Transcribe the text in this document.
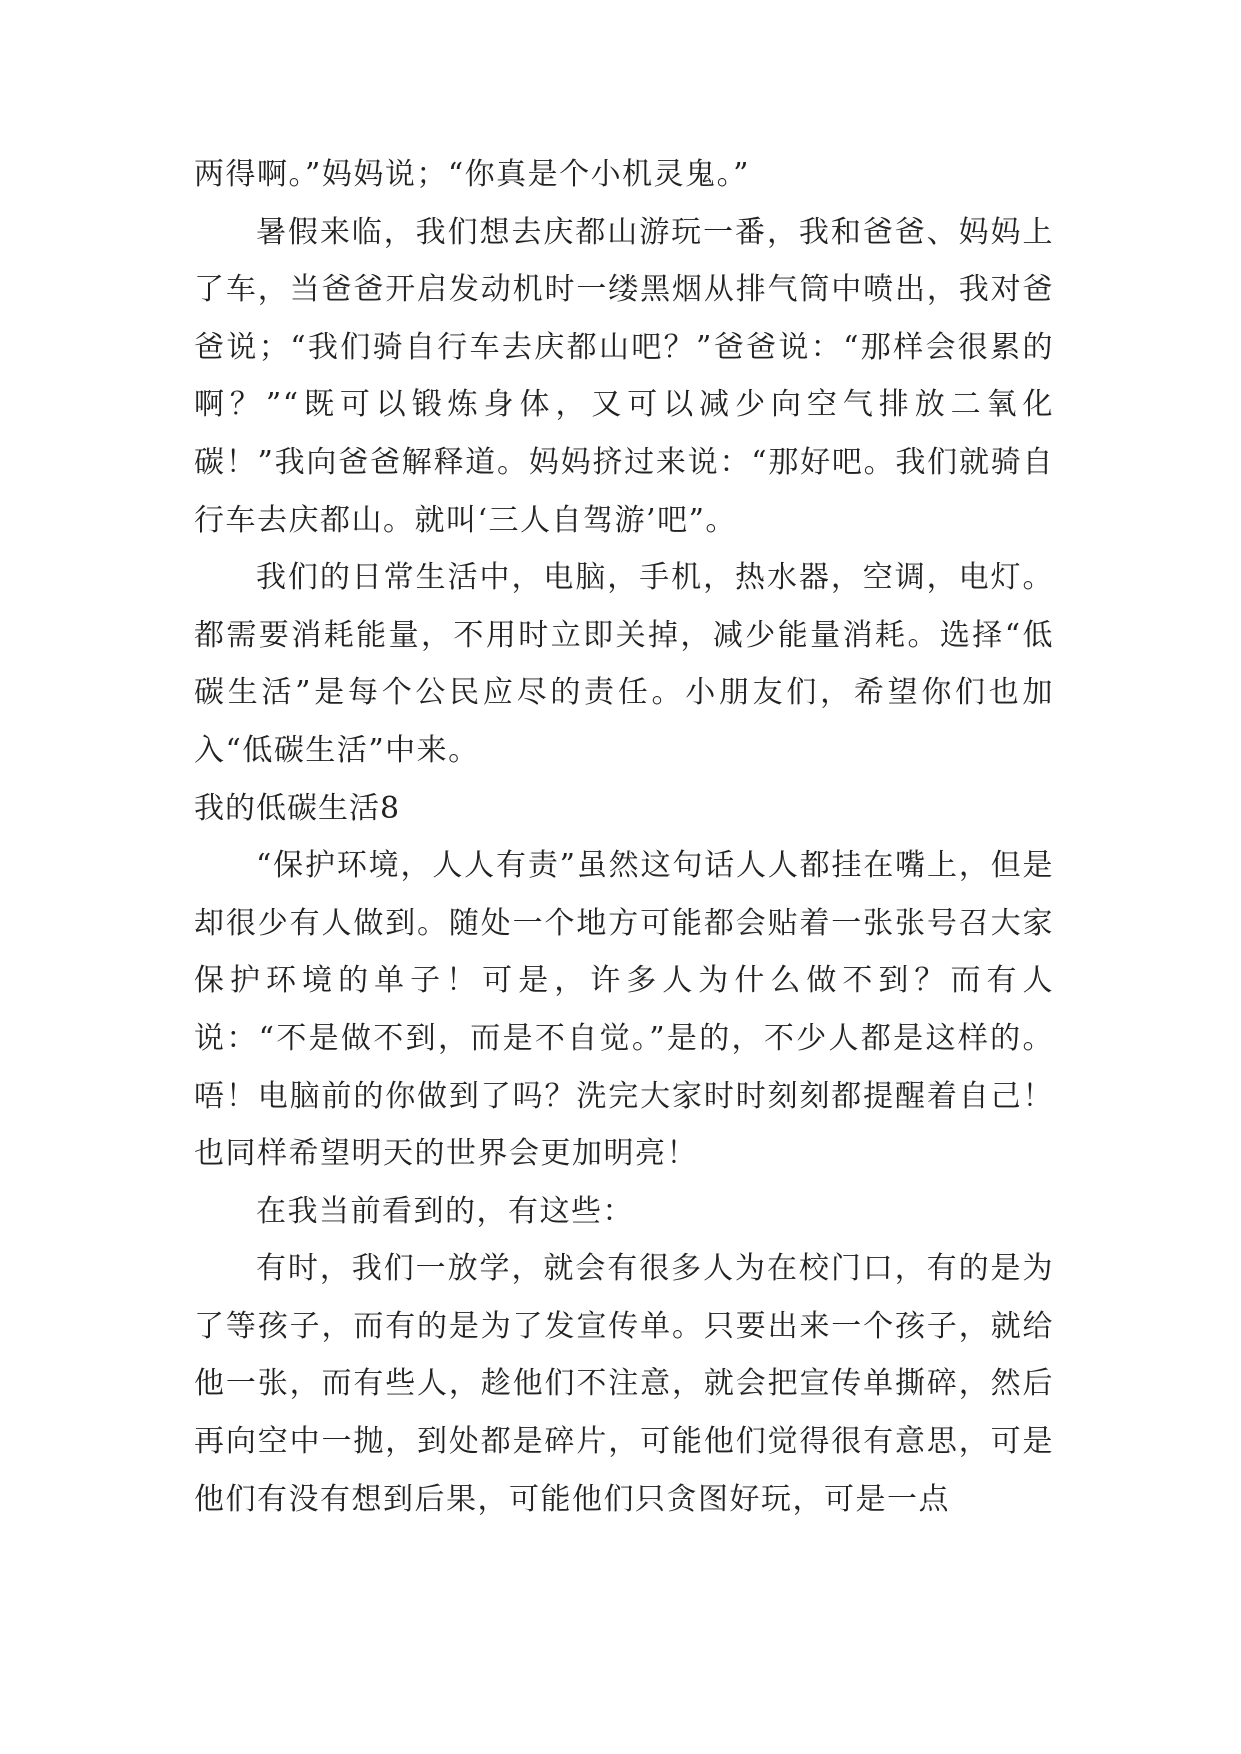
两得啊。”妈妈说；“你真是个小机灵鬼。”

暑假来临，我们想去庆都山游玩一番，我和爸爸、妈妈上了车，当爸爸开启发动机时一缕黑烟从排气筒中喷出，我对爸爸说；“我们骑自行车去庆都山吧？”爸爸说：“那样会很累的啊？”“既可以锻炼身体，又可以减少向空气排放二氧化碳！”我向爸爸解释道。妈妈挤过来说：“那好吧。我们就骑自行车去庆都山。就叫‘三人自驾游’吧”。

我们的日常生活中，电脑，手机，热水器，空调，电灯。都需要消耗能量，不用时立即关掉，减少能量消耗。选择“低碳生活”是每个公民应尽的责任。小朋友们，希望你们也加入“低碳生活”中来。

我的低碳生活8

“保护环境，人人有责”虽然这句话人人都挂在嘴上，但是却很少有人做到。随处一个地方可能都会贴着一张张号召大家保护环境的单子！可是，许多人为什么做不到？而有人说：“不是做不到，而是不自觉。”是的，不少人都是这样的。唔！电脑前的你做到了吗？洗完大家时时刻刻都提醒着自己！也同样希望明天的世界会更加明亮！

在我当前看到的，有这些：

有时，我们一放学，就会有很多人为在校门口，有的是为了等孩子，而有的是为了发宣传单。只要出来一个孩子，就给他一张，而有些人，趁他们不注意，就会把宣传单撕碎，然后再向空中一抛，到处都是碎片，可能他们觉得很有意思，可是他们有没有想到后果，可能他们只贪图好玩，可是一点
